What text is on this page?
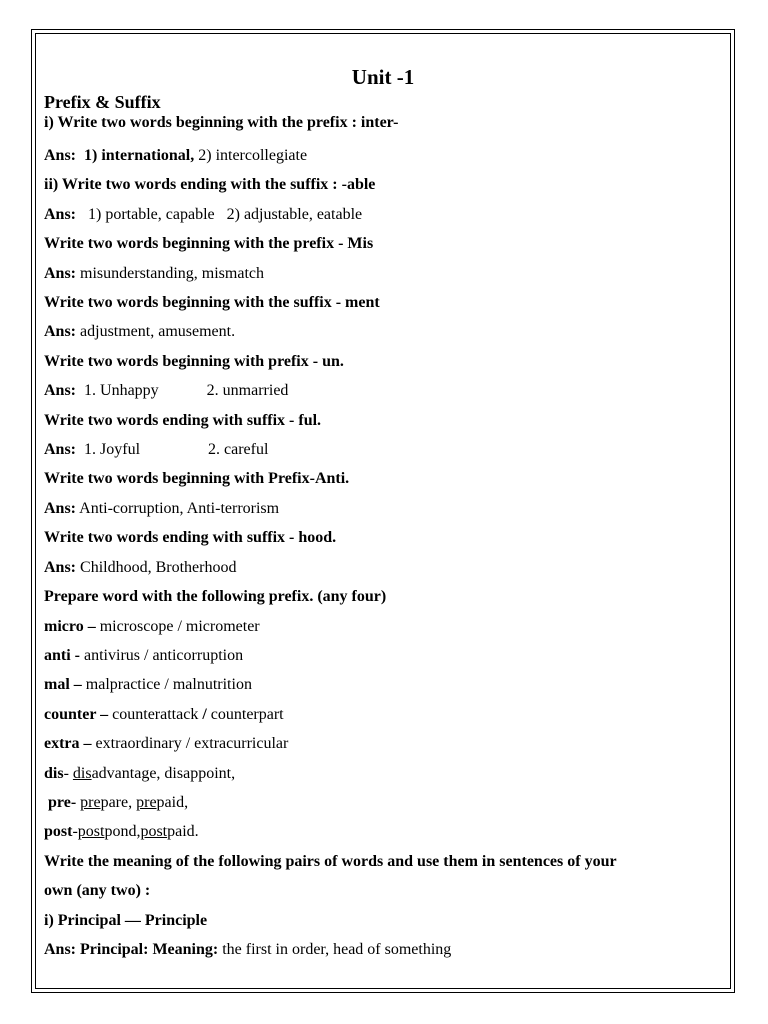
Unit -1
Prefix & Suffix
i) Write two words beginning with the prefix : inter-
Ans:  1) international, 2) intercollegiate
ii) Write two words ending with the suffix : -able
Ans:   1) portable, capable   2) adjustable, eatable
Write two words beginning with the prefix - Mis
Ans: misunderstanding, mismatch
Write two words beginning with the suffix - ment
Ans: adjustment, amusement.
Write two words beginning with prefix - un.
Ans:  1. Unhappy            2. unmarried
Write two words ending with suffix - ful.
Ans:  1. Joyful                 2. careful
Write two words beginning with Prefix-Anti.
Ans: Anti-corruption, Anti-terrorism
Write two words ending with suffix - hood.
Ans: Childhood, Brotherhood
Prepare word with the following prefix. (any four)
micro – microscope / micrometer
anti - antivirus / anticorruption
mal – malpractice / malnutrition
counter – counterattack / counterpart
extra – extraordinary / extracurricular
dis- disadvantage, disappoint,
pre- prepare, prepaid,
post-postpond,postpaid.
Write the meaning of the following pairs of words and use them in sentences of your
own (any two) :
i) Principal — Principle
Ans: Principal: Meaning: the first in order, head of something
